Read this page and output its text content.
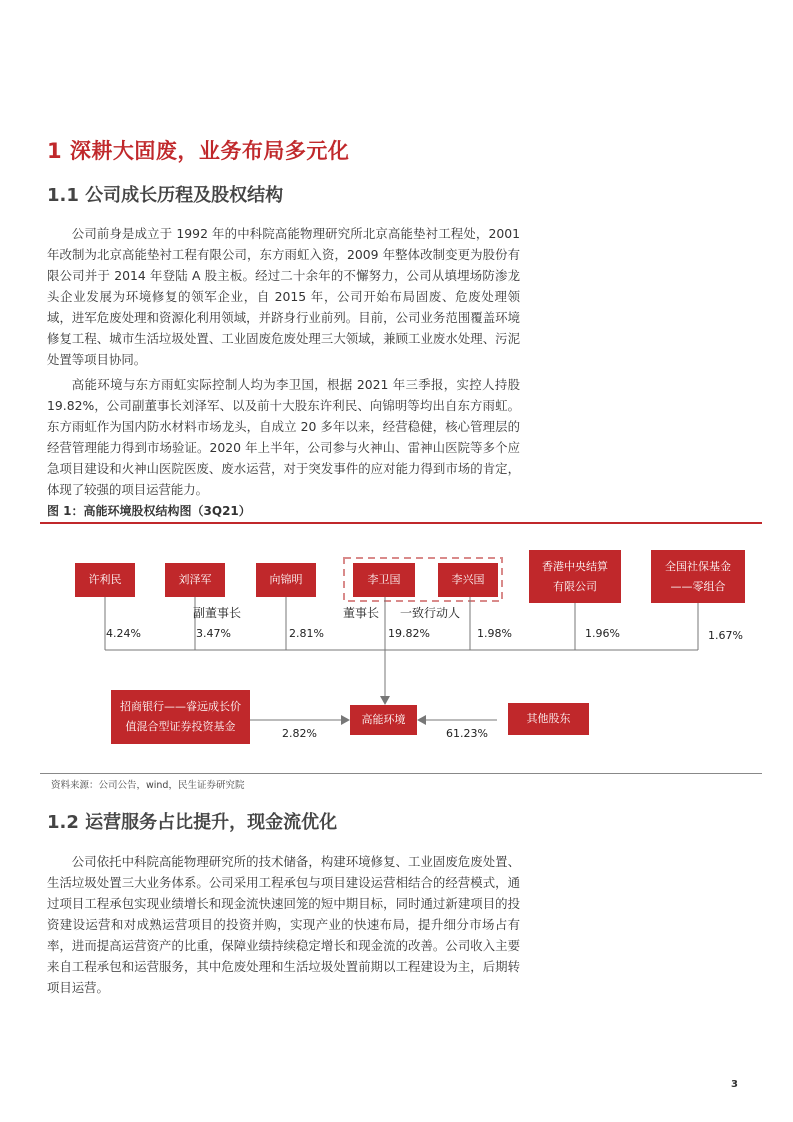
1 深耕大固废，业务布局多元化
1.1 公司成长历程及股权结构

公司前身是成立于 1992 年的中科院高能物理研究所北京高能垫衬工程处，2001 年改制为北京高能垫衬工程有限公司，东方雨虹入资，2009 年整体改制变更为股份有限公司并于 2014 年登陆 A 股主板。经过二十余年的不懈努力，公司从填埋场防渗龙头企业发展为环境修复的领军企业，自 2015 年，公司开始布局固废、危废处理领域，进军危废处理和资源化利用领域，并跻身行业前列。目前，公司业务范围覆盖环境修复工程、城市生活垃圾处置、工业固废危废处理三大领域，兼顾工业废水处理、污泥处置等项目协同。

高能环境与东方雨虹实际控制人均为李卫国，根据 2021 年三季报，实控人持股 19.82%，公司副董事长刘泽军、以及前十大股东许利民、向锦明等均出自东方雨虹。东方雨虹作为国内防水材料市场龙头，自成立 20 多年以来，经营稳健，核心管理层的经营管理能力得到市场验证。2020 年上半年，公司参与火神山、雷神山医院等多个应急项目建设和火神山医院医废、废水运营，对于突发事件的应对能力得到市场的肯定，体现了较强的项目运营能力。

图 1：高能环境股权结构图（3Q21）
许利民	刘泽军	向锦明	李卫国	李兴国
香港中央结算有限公司
全国社保基金——零组合
副董事长	董事长 一致行动人
4.24%	3.47%	2.81%	19.82%	1.98%	1.96%	1.67%
招商银行——睿远成长价值混合型证券投资基金
高能环境	其他股东
2.82%	61.23%
资料来源：公司公告，wind，民生证券研究院
1.2 运营服务占比提升，现金流优化

公司依托中科院高能物理研究所的技术储备，构建环境修复、工业固废危废处置、生活垃圾处置三大业务体系。公司采用工程承包与项目建设运营相结合的经营模式，通过项目工程承包实现业绩增长和现金流快速回笼的短中期目标，同时通过新建项目的投资建设运营和对成熟运营项目的投资并购，实现产业的快速布局，提升细分市场占有率，进而提高运营资产的比重，保障业绩持续稳定增长和现金流的改善。公司收入主要来自工程承包和运营服务，其中危废处理和生活垃圾处置前期以工程建设为主，后期转项目运营。

3
